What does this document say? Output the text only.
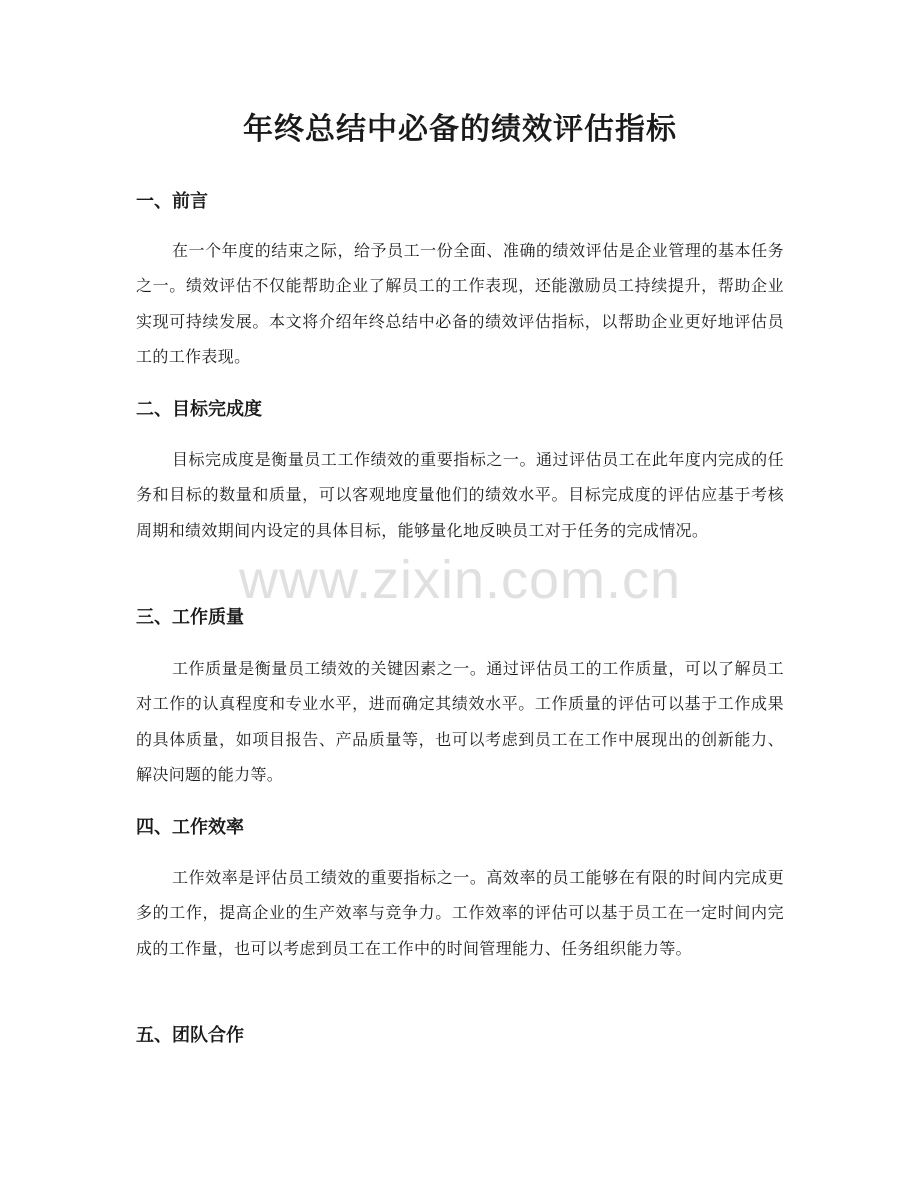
年终总结中必备的绩效评估指标
一、前言

在一个年度的结束之际，给予员工一份全面、准确的绩效评估是企业管理的基本任务之一。绩效评估不仅能帮助企业了解员工的工作表现，还能激励员工持续提升，帮助企业实现可持续发展。本文将介绍年终总结中必备的绩效评估指标，以帮助企业更好地评估员工的工作表现。

二、目标完成度

目标完成度是衡量员工工作绩效的重要指标之一。通过评估员工在此年度内完成的任务和目标的数量和质量，可以客观地度量他们的绩效水平。目标完成度的评估应基于考核周期和绩效期间内设定的具体目标，能够量化地反映员工对于任务的完成情况。

三、工作质量

工作质量是衡量员工绩效的关键因素之一。通过评估员工的工作质量，可以了解员工对工作的认真程度和专业水平，进而确定其绩效水平。工作质量的评估可以基于工作成果的具体质量，如项目报告、产品质量等，也可以考虑到员工在工作中展现出的创新能力、解决问题的能力等。

四、工作效率

工作效率是评估员工绩效的重要指标之一。高效率的员工能够在有限的时间内完成更多的工作，提高企业的生产效率与竞争力。工作效率的评估可以基于员工在一定时间内完成的工作量，也可以考虑到员工在工作中的时间管理能力、任务组织能力等。

五、团队合作
www.zixin.com.cn
